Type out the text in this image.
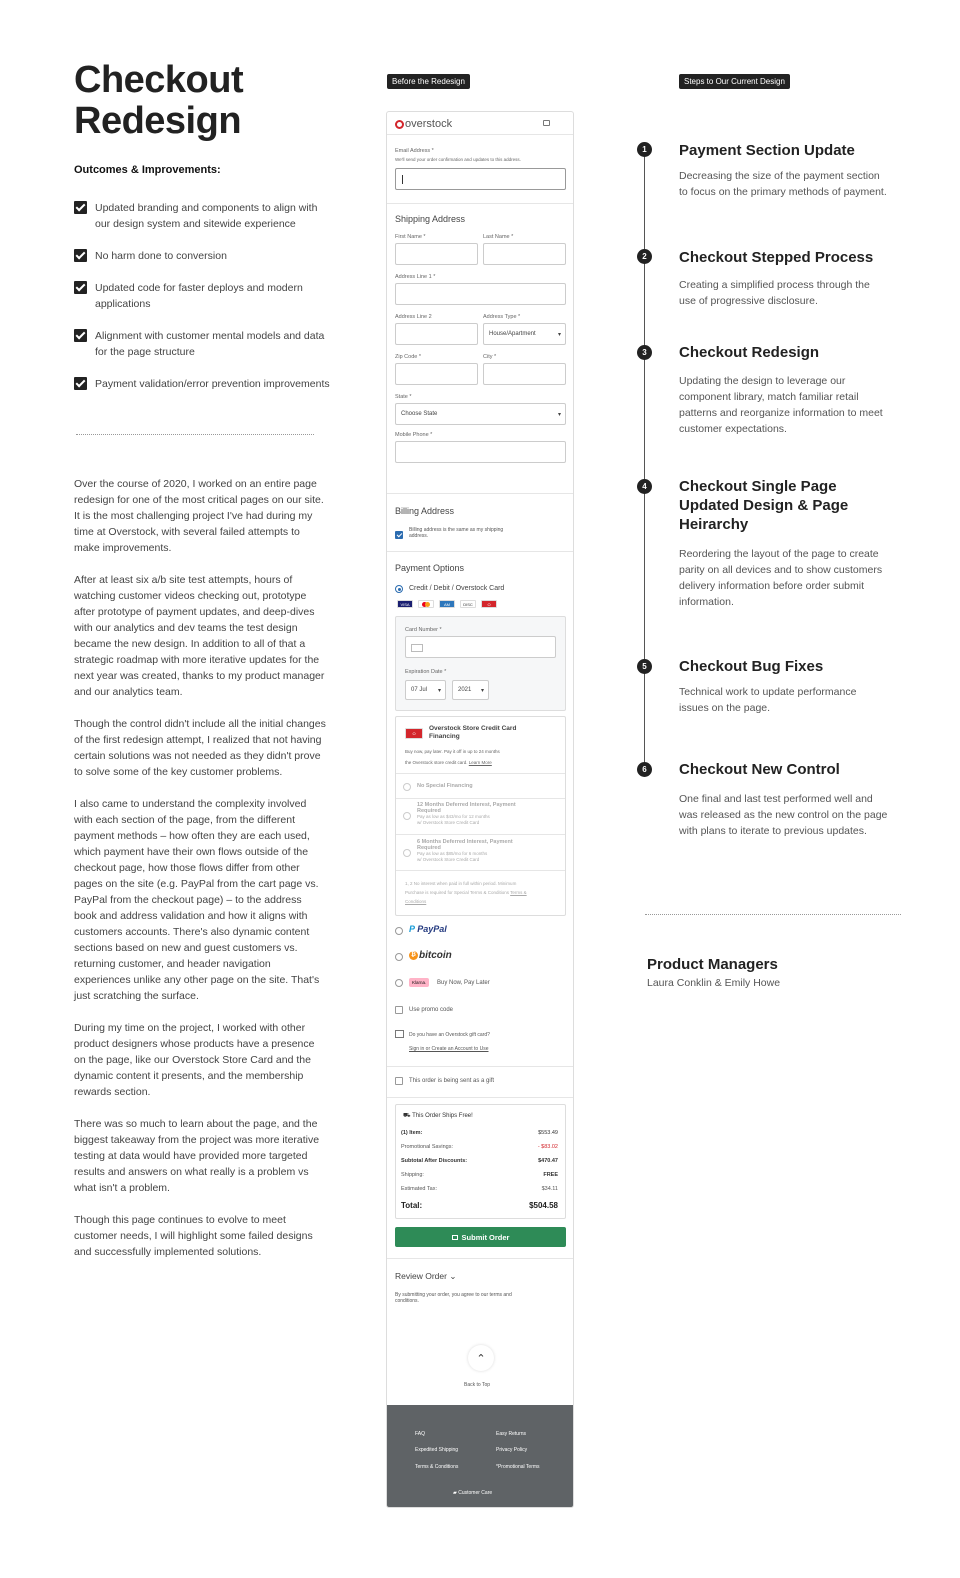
Checkout
Redesign
Outcomes & Improvements:
Updated branding and components to align with our design system and sitewide experience
No harm done to conversion
Updated code for faster deploys and modern applications
Alignment with customer mental models and data for the page structure
Payment validation/error prevention improvements

Over the course of 2020, I worked on an entire page redesign for one of the most critical pages on our site. It is the most challenging project I've had during my time at Overstock, with several failed attempts to make improvements.

After at least six a/b site test attempts, hours of watching customer videos checking out, prototype after prototype of payment updates, and deep-dives with our analytics and dev teams the test design became the new design. In addition to all of that a strategic roadmap with more iterative updates for the next year was created, thanks to my product manager and our analytics team.

Though the control didn't include all the initial changes of the first redesign attempt, I realized that not having certain solutions was not needed as they didn't prove to solve some of the key customer problems.

I also came to understand the complexity involved with each section of the page, from the different payment methods – how often they are each used, which payment have their own flows outside of the checkout page, how those flows differ from other pages on the site (e.g. PayPal from the cart page vs. PayPal from the checkout page) – to the address book and address validation and how it aligns with customers accounts. There's also dynamic content sections based on new and guest customers vs. returning customer, and header navigation experiences unlike any other page on the site. That's just scratching the surface.

During my time on the project, I worked with other product designers whose products have a presence on the page, like our Overstock Store Card and the dynamic content it presents, and the membership rewards section.

There was so much to learn about the page, and the biggest takeaway from the project was more iterative testing at data would have provided more targeted results and answers on what really is a problem vs what isn't a problem.

Though this page continues to evolve to meet customer needs, I will highlight some failed designs and successfully implemented solutions.

Before the Redesign
overstock
Email Address *
We'll send your order confirmation and updates to this address.
Shipping Address
First Name *	Last Name *
Address Line 1 *
Address Line 2	Address Type *
House/Apartment	▾
Zip Code *	City *
State *
Choose State	▾
Mobile Phone *
Billing Address
Billing address is the same as my shipping
address.
Payment Options
Credit / Debit / Overstock Card
VISA	AM	DISC	O
Card Number *
Expiration Date *
07 Jul ▾	2021 ▾
O
Overstock Store Credit Card
Financing
Buy now, pay later. Pay it off in up to 24 months
the Overstock store credit card. Learn More
No Special Financing
12 Months Deferred Interest, Payment
Required
Pay as low as $43/mo for 12 months
w/ Overstock Store Credit Card
6 Months Deferred Interest, Payment
Required
Pay as low as $85/mo for 6 months
w/ Overstock Store Credit Card
1, 2 No interest when paid in full within period. Minimum
Purchase is required for Special Terms & Conditions Terms &
Conditions
P PayPal
₿ bitcoin
Klarna.	Buy Now, Pay Later
Use promo code
Do you have an Overstock gift card?
Sign in or Create an Account to Use
This order is being sent as a gift
⛟ This Order Ships Free!
(1) Item:	$553.49
Promotional Savings:	- $83.02
Subtotal After Discounts:	$470.47
Shipping:	FREE
Estimated Tax:	$34.11
Total:	$504.58
Submit Order
Review Order ⌄
By submitting your order, you agree to our terms and
conditions.
⌃
Back to Top
FAQ	Easy Returns
Expedited Shipping	Privacy Policy
Terms & Conditions	*Promotional Terms
▰ Customer Care
Steps to Our Current Design
1	Payment Section Update
Decreasing the size of the payment section to focus on the primary methods of payment.
2	Checkout Stepped Process
Creating a simplified process through the use of progressive disclosure.
3	Checkout Redesign
Updating the design to leverage our component library, match familiar retail patterns and reorganize information to meet customer expectations.
4	Checkout Single Page Updated Design & Page Heirarchy
Reordering the layout of the page to create parity on all devices and to show customers delivery information before order submit information.
5	Checkout Bug Fixes
Technical work to update performance issues on the page.
6	Checkout New Control
One final and last test performed well and was released as the new control on the page with plans to iterate to previous updates.
Product Managers
Laura Conklin & Emily Howe
